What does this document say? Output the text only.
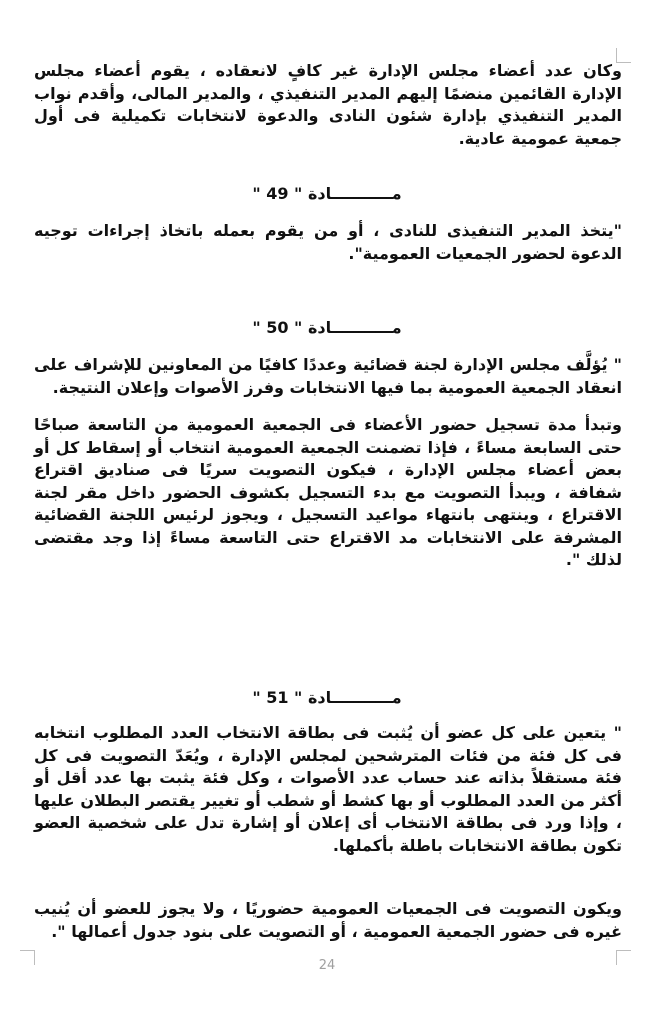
وكان عدد أعضاء مجلس الإدارة غير كافٍ لانعقاده ، يقوم أعضاء مجلس الإدارة القائمين منضمًا إليهم المدير التنفيذي ، والمدير المالى، وأقدم نواب المدير التنفيذي بإدارة شئون النادى والدعوة لانتخابات تكميلية فى أول جمعية عمومية عادية.

مـــــــــــادة " 49 "

"يتخذ المدير التنفيذى للنادى ، أو من يقوم بعمله باتخاذ إجراءات توجيه الدعوة لحضور الجمعيات العمومية".

مـــــــــــادة " 50 "

" يُؤلَّف مجلس الإدارة لجنة قضائية وعددًا كافيًا من المعاونين للإشراف على انعقاد الجمعية العمومية بما فيها الانتخابات وفرز الأصوات وإعلان النتيجة.

وتبدأ مدة تسجيل حضور الأعضاء فى الجمعية العمومية من التاسعة صباحًا حتى السابعة مساءً ، فإذا تضمنت الجمعية العمومية انتخاب أو إسقاط كل أو بعض أعضاء مجلس الإدارة ، فيكون التصويت سريًا فى صناديق اقتراع شفافة ، ويبدأ التصويت مع بدء التسجيل بكشوف الحضور داخل مقر لجنة الاقتراع ، وينتهى بانتهاء مواعيد التسجيل ، ويجوز لرئيس اللجنة القضائية المشرفة على الانتخابات مد الاقتراع حتى التاسعة مساءً إذا وجد مقتضى لذلك ".

مـــــــــــادة " 51 "

" يتعين على كل عضو أن يُثبت فى بطاقة الانتخاب العدد المطلوب انتخابه فى كل فئة من فئات المترشحين لمجلس الإدارة ، ويُعَدّ التصويت فى كل فئة مستقلاً بذاته عند حساب عدد الأصوات ، وكل فئة يثبت بها عدد أقل أو أكثر من العدد المطلوب أو بها كشط أو شطب أو تغيير يقتصر البطلان عليها ، وإذا ورد فى بطاقة الانتخاب أى إعلان أو إشارة تدل على شخصية العضو تكون بطاقة الانتخابات باطلة بأكملها.

ويكون التصويت فى الجمعيات العمومية حضوريًا ، ولا يجوز للعضو أن يُنيب غيره فى حضور الجمعية العمومية ، أو التصويت على بنود جدول أعمالها ".

24
